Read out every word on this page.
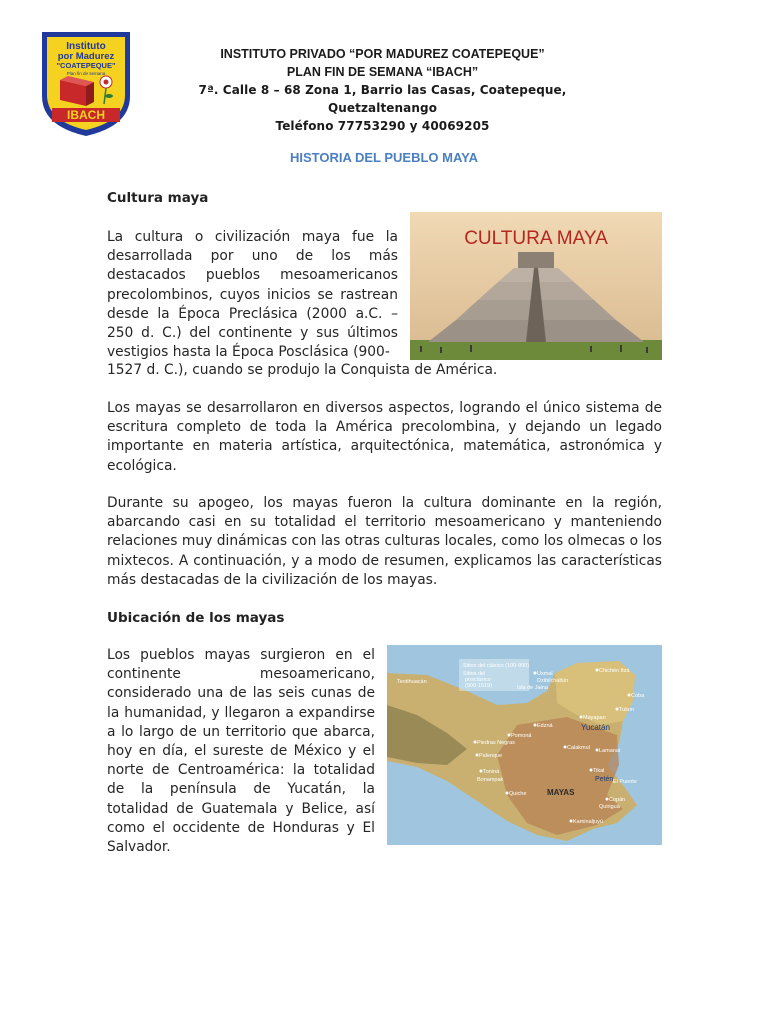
Instituto
por Madurez
"COATEPEQUE"
Plan fin de semana
IBACH
INSTITUTO PRIVADO “POR MADUREZ COATEPEQUE”
PLAN FIN DE SEMANA “IBACH”
7ª. Calle 8 – 68 Zona 1, Barrio las Casas, Coatepeque, Quetzaltenango
Teléfono 77753290 y 40069205
HISTORIA DEL PUEBLO MAYA
Cultura maya

La cultura o civilización maya fue la desarrollada por uno de los más destacados pueblos mesoamericanos precolombinos, cuyos inicios se rastrean desde la Época Preclásica (2000 a.C. – 250 d. C.) del continente y sus últimos vestigios hasta la Época Posclásica (900-

1527 d. C.), cuando se produjo la Conquista de América.

CULTURA MAYA

Los mayas se desarrollaron en diversos aspectos, logrando el único sistema de escritura completo de toda la América precolombina, y dejando un legado importante en materia artística, arquitectónica, matemática, astronómica y ecológica.

Durante su apogeo, los mayas fueron la cultura dominante en la región, abarcando casi en su totalidad el territorio mesoamericano y manteniendo relaciones muy dinámicas con las otras culturas locales, como los olmecas o los mixtecos. A continuación, y a modo de resumen, explicamos las características más destacadas de la civilización de los mayas.

Ubicación de los mayas

Los pueblos mayas surgieron en el continente mesoamericano, considerado una de las seis cunas de la humanidad, y llegaron a expandirse a lo largo de un territorio que abarca, hoy en día, el sureste de México y el norte de Centroamérica: la totalidad de la península de Yucatán, la totalidad de Guatemala y Belice, así como el occidente de Honduras y El Salvador.

Sitios del clásico (100-900)
Sitios del
posclásico
(900-1519)
Uxmal
Dzibilchaltún
Chichén Itzá
Isla de Jaina
Coba
Tulum
Teotihuacán
Edzná
Mayapan
Yucatán
Pomoná
Piedras Negras
Palenque
Calakmul Lamanai
Toniná
Bonampak
Tikal
Petén El Puente
Quiche	MAYAS
Copán
Quiriguá
Kaminaljuyú
